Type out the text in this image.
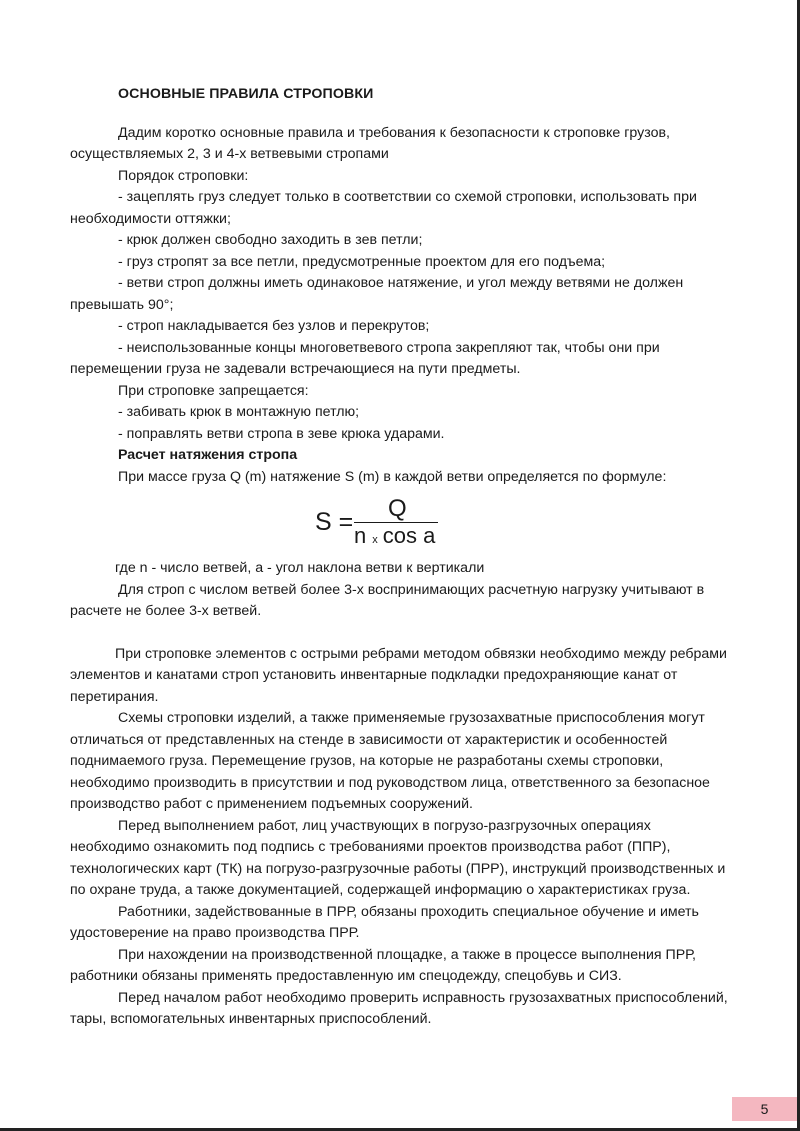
ОСНОВНЫЕ ПРАВИЛА СТРОПОВКИ

Дадим коротко основные правила и требования к безопасности к строповке грузов, осуществляемых 2, 3 и 4-х ветвевыми стропами

Порядок строповки:

- зацеплять груз следует только в соответствии со схемой строповки, использовать при необходимости оттяжки;

- крюк должен свободно заходить в зев петли;

- груз стропят за все петли, предусмотренные проектом для его подъема;

- ветви строп должны иметь одинаковое натяжение, и угол между ветвями не должен превышать 90°;

- строп накладывается без узлов и перекрутов;

- неиспользованные концы многоветвевого стропа закрепляют так, чтобы они при перемещении груза не задевали встречающиеся на пути предметы.

При строповке запрещается:

- забивать крюк в монтажную петлю;

- поправлять ветви стропа в зеве крюка ударами.

Расчет натяжения стропа

При массе груза Q (m) натяжение S (m) в каждой ветви определяется по формуле:

S = Q
nx cos a

где n - число ветвей, а - угол наклона ветви к вертикали

Для строп с числом ветвей более 3-х воспринимающих расчетную нагрузку учитывают в расчете не более 3-х ветвей.

При строповке элементов с острыми ребрами методом обвязки необходимо между ребрами элементов и канатами строп установить инвентарные подкладки предохраняющие канат от перетирания.

Схемы строповки изделий, а также применяемые грузозахватные приспособления могут отличаться от представленных на стенде в зависимости от характеристик и особенностей поднимаемого груза. Перемещение грузов, на которые не разработаны схемы строповки, необходимо производить в присутствии и под руководством лица, ответственного за безопасное производство работ с применением подъемных сооружений.

Перед выполнением работ, лиц участвующих в погрузо-разгрузочных операциях необходимо ознакомить под подпись с требованиями проектов производства работ (ППР), технологических карт (ТК) на погрузо-разгрузочные работы (ПРР), инструкций производственных и по охране труда, а также документацией, содержащей информацию о характеристиках груза.

Работники, задействованные в ПРР, обязаны проходить специальное обучение и иметь удостоверение на право производства ПРР.

При нахождении на производственной площадке, а также в процессе выполнения ПРР, работники обязаны применять предоставленную им спецодежду, спецобувь и СИЗ.

Перед началом работ необходимо проверить исправность грузозахватных приспособлений, тары, вспомогательных инвентарных приспособлений.

5
